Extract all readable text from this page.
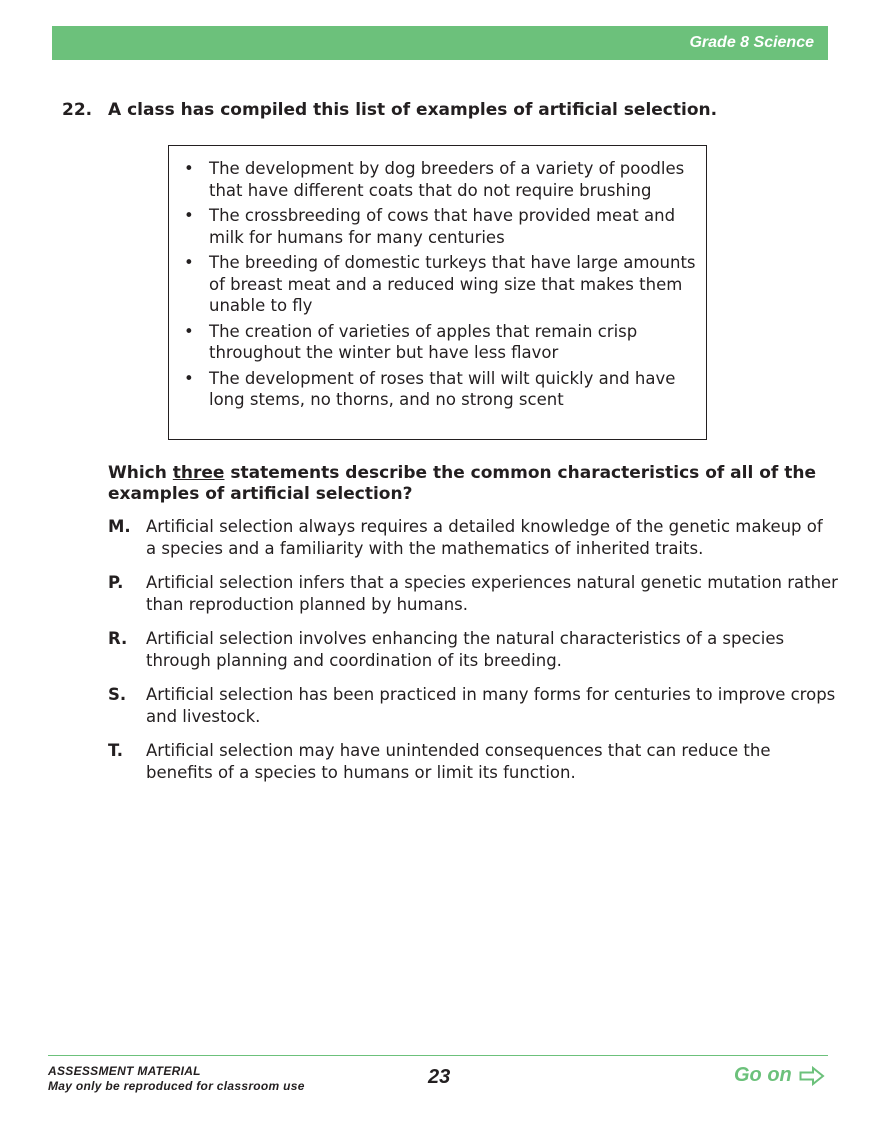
Grade 8 Science
22. A class has compiled this list of examples of artificial selection.
• The development by dog breeders of a variety of poodles that have different coats that do not require brushing
• The crossbreeding of cows that have provided meat and milk for humans for many centuries
• The breeding of domestic turkeys that have large amounts of breast meat and a reduced wing size that makes them unable to fly
• The creation of varieties of apples that remain crisp throughout the winter but have less flavor
• The development of roses that will wilt quickly and have long stems, no thorns, and no strong scent
Which three statements describe the common characteristics of all of the examples of artificial selection?
M. Artificial selection always requires a detailed knowledge of the genetic makeup of a species and a familiarity with the mathematics of inherited traits.
P. Artificial selection infers that a species experiences natural genetic mutation rather than reproduction planned by humans.
R. Artificial selection involves enhancing the natural characteristics of a species through planning and coordination of its breeding.
S. Artificial selection has been practiced in many forms for centuries to improve crops and livestock.
T. Artificial selection may have unintended consequences that can reduce the benefits of a species to humans or limit its function.
ASSESSMENT MATERIAL
May only be reproduced for classroom use	23	Go on
